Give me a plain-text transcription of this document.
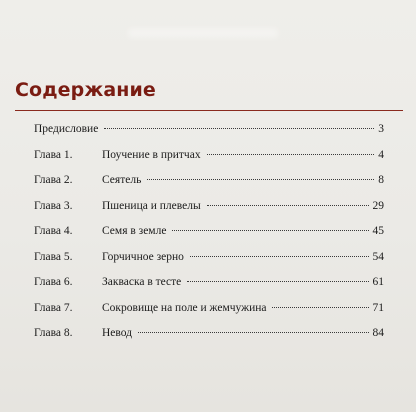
Содержание
Предисловие	3
Глава 1.	Поучение в притчах	4
Глава 2.	Сеятель	8
Глава 3.	Пшеница и плевелы	29
Глава 4.	Семя в земле	45
Глава 5.	Горчичное зерно	54
Глава 6.	Закваска в тесте	61
Глава 7.	Сокровище на поле и жемчужина	71
Глава 8.	Невод	84
